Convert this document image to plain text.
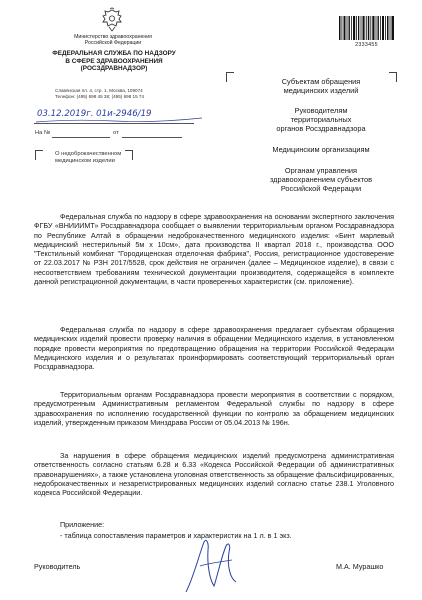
Министерство здравоохранения
Российской Федерации
ФЕДЕРАЛЬНАЯ СЛУЖБА ПО НАДЗОРУ
В СФЕРЕ ЗДРАВООХРАНЕНИЯ
(РОСЗДРАВНАДЗОР)
Славянская пл. 4, стр. 1, Москва, 109074
Телефон: (495) 698 45 38; (495) 698 15 74
03.12.2019г. 01и-2946/19
На №	от
О недоброкачественном
медицинском изделии
2333455
Субъектам обращения
медицинских изделий
Руководителям
территориальных
органов Росздравнадзора
Медицинским организациям
Органам управления
здравоохранением субъектов
Российской Федерации
Федеральная служба по надзору в сфере здравоохранения на основании экспертного заключения ФГБУ «ВНИИИМТ» Росздравнадзора сообщает о выявлении территориальным органом Росздравнадзора по Республике Алтай в обращении недоброкачественного медицинского изделия: «Бинт марлевый медицинский нестерильный 5м х 10см», дата производства II квартал 2018 г., производства ООО "Текстильный комбинат "Городищенская отделочная фабрика", Россия, регистрационное удостоверение от 22.03.2017 № РЗН 2017/5528, срок действия не ограничен (далее – Медицинское изделие), в связи с несоответствием требованиям технической документации производителя, содержащейся в комплекте данной регистрационной документации, в части проверенных характеристик (см. приложение).
Федеральная служба по надзору в сфере здравоохранения предлагает субъектам обращения медицинских изделий провести проверку наличия в обращении Медицинского изделия, в установленном порядке провести мероприятия по предотвращению обращения на территории Российской Федерации Медицинского изделия и о результатах проинформировать соответствующий территориальный орган Росздравнадзора.
Территориальным органам Росздравнадзора провести мероприятия в соответствии с порядком, предусмотренным Административным регламентом Федеральной службы по надзору в сфере здравоохранения по исполнению государственной функции по контролю за обращением медицинских изделий, утвержденным приказом Минздрава России от 05.04.2013 № 196н.
За нарушения в сфере обращения медицинских изделий предусмотрена административная ответственность согласно статьям 6.28 и 6.33 «Кодекса Российской Федерации об административных правонарушениях», а также установлена уголовная ответственность за обращение фальсифицированных, недоброкачественных и незарегистрированных медицинских изделий согласно статье 238.1 Уголовного кодекса Российской Федерации.
Приложение:
- таблица сопоставления параметров и характеристик на 1 л. в 1 экз.
Руководитель	М.А. Мурашко
